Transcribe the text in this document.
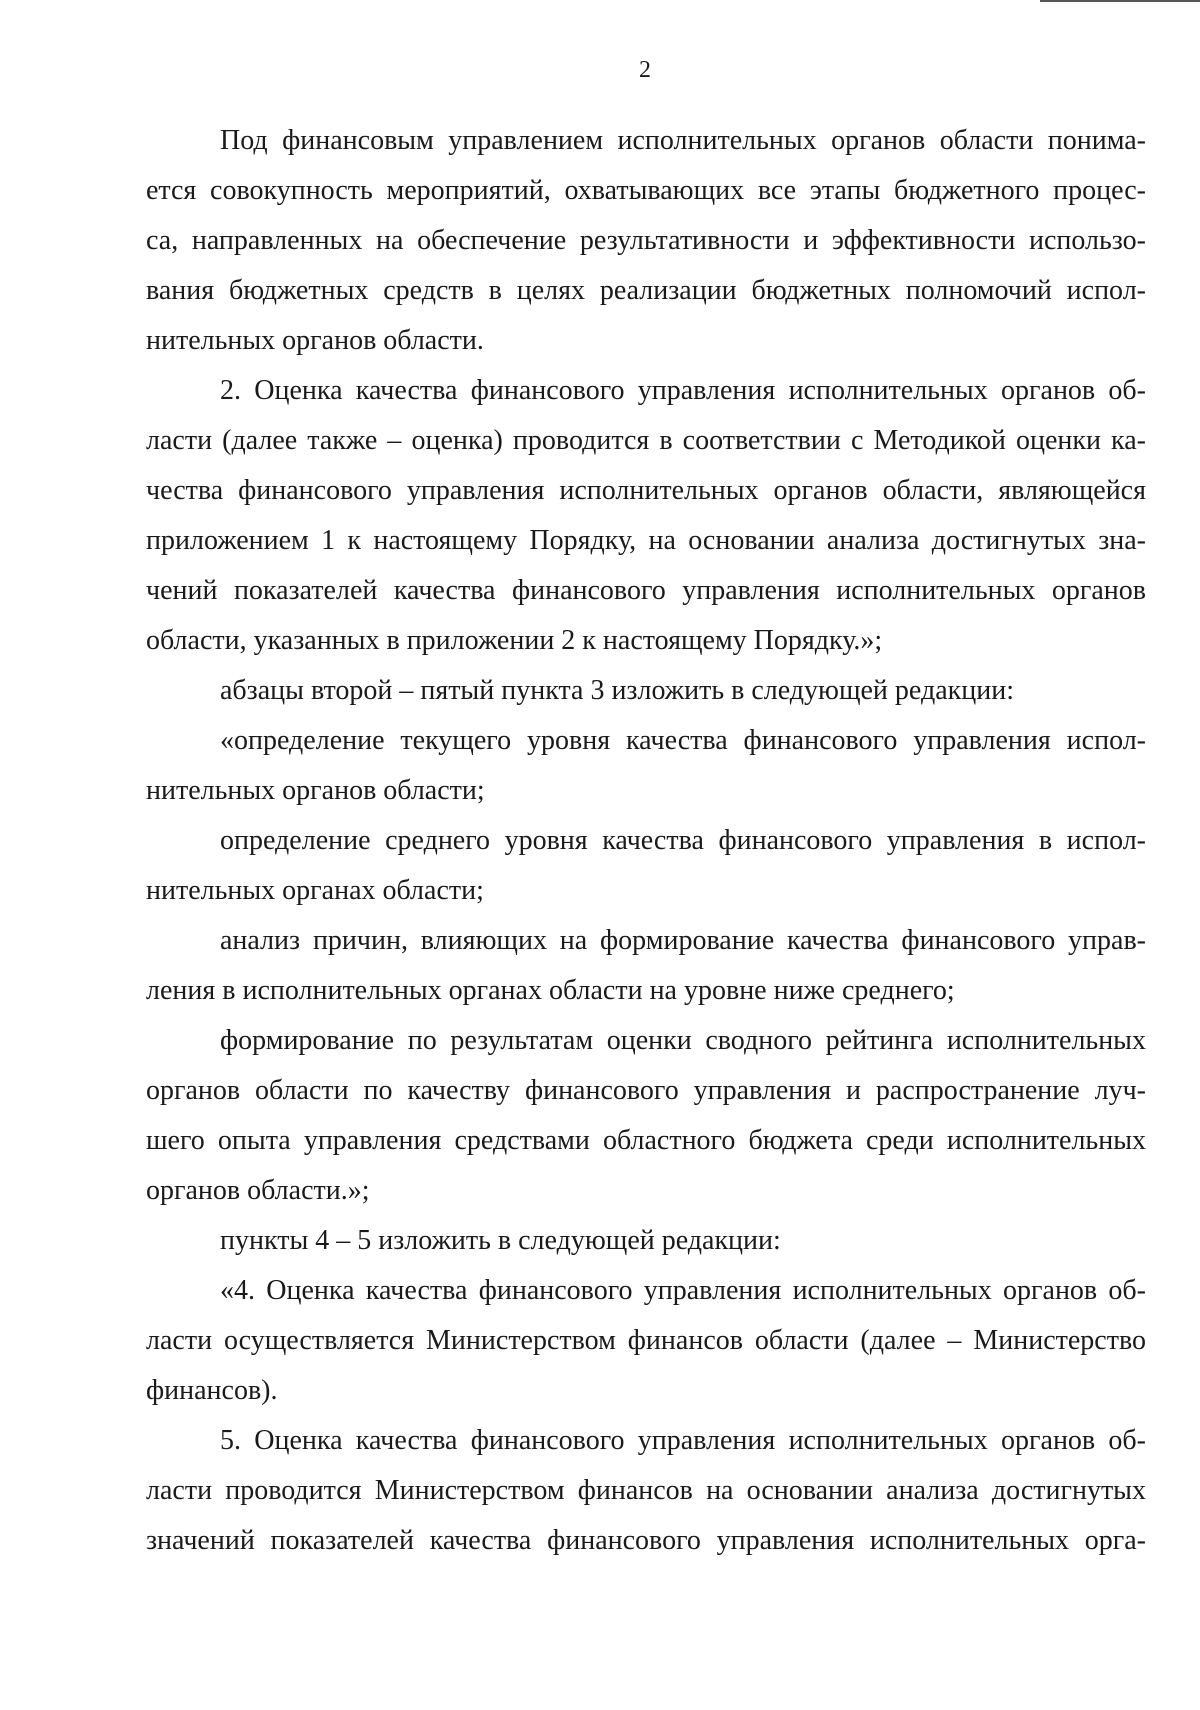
2
Под финансовым управлением исполнительных органов области понима-
ется совокупность мероприятий, охватывающих все этапы бюджетного процес-
са, направленных на обеспечение результативности и эффективности использо-
вания бюджетных средств в целях реализации бюджетных полномочий испол-
нительных органов области.
2. Оценка качества финансового управления исполнительных органов об-
ласти (далее также – оценка) проводится в соответствии с Методикой оценки ка-
чества финансового управления исполнительных органов области, являющейся
приложением 1 к настоящему Порядку, на основании анализа достигнутых зна-
чений показателей качества финансового управления исполнительных органов
области, указанных в приложении 2 к настоящему Порядку.»;
абзацы второй – пятый пункта 3 изложить в следующей редакции:
«определение текущего уровня качества финансового управления испол-
нительных органов области;
определение среднего уровня качества финансового управления в испол-
нительных органах области;
анализ причин, влияющих на формирование качества финансового управ-
ления в исполнительных органах области на уровне ниже среднего;
формирование по результатам оценки сводного рейтинга исполнительных
органов области по качеству финансового управления и распространение луч-
шего опыта управления средствами областного бюджета среди исполнительных
органов области.»;
пункты 4 – 5 изложить в следующей редакции:
«4. Оценка качества финансового управления исполнительных органов об-
ласти осуществляется Министерством финансов области (далее – Министерство
финансов).
5. Оценка качества финансового управления исполнительных органов об-
ласти проводится Министерством финансов на основании анализа достигнутых
значений показателей качества финансового управления исполнительных орга-
